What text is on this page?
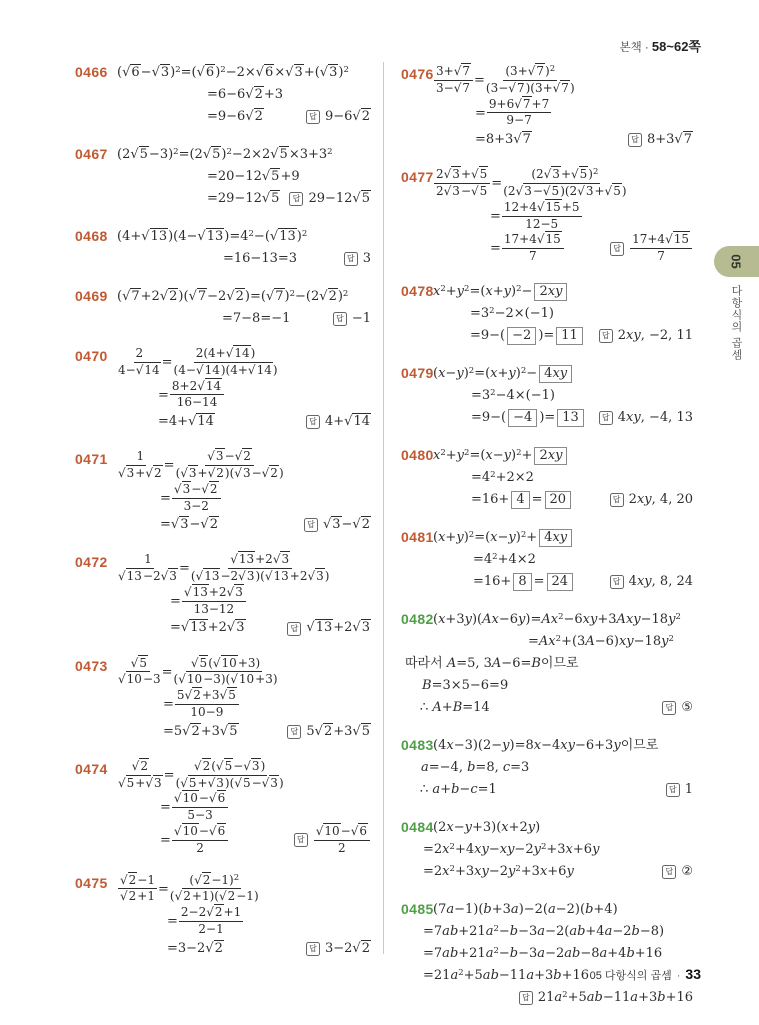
본책 · 58~62쪽
0466 $(√6-√3)^2=(√6)^2-2\times√6\times√3+(√3)^2$
=6−6√2+3
=9−6√2	답 9−6√2
0467 $(2√5-3)^2=(2√5)^2-2\times 2√5\times 3+3^2$
=20−12√5+9
=29−12√5	답 29−12√5
0468 $(4+√13)(4-√13)=4^2-(√13)^2$
=16−13=3	답 3
0469 $(√7+2√2)(√7-2√2)=(√7)^2-(2√2)^2$
=7−8=−1	답 −1
$0470 \frac{2}{4-√14} = \frac{2(4+√14)}{(4-√14)(4+√14)}$
= $\frac{8+2√14}{16-14}$
=4+√14	답 4+√14
$0471 \frac{1}{√3+√2} = \frac{√3-√2}{(√3+√2)(√3-√2)}$
= $\frac{√3-√2}{3-2}$
=√3−√2	답 √3−√2
$0472 \frac{1}{√13-2√3} = \frac{√13+2√3}{(√13-2√3)(√13+2√3)}$
= $\frac{√13+2√3}{13-12}$
=√13+2√3	답 √13+2√3
$0473 \frac{√5}{√10-3} = \frac{√5(√10+3)}{(√10-3)(√10+3)}$
= $\frac{5√2+3√5}{10-9}$
=5√2+3√5	답 5√2+3√5
$0474 \frac{√2}{√5+√3} = \frac{√2(√5-√3)}{(√5+√3)(√5-√3)}$
= $\frac{√10-√6}{5-3}$
= $\frac{√10-√6}{2}$	답 $\frac{√10-√6}{2}$
$0475 \frac{√2-1}{√2+1} = \frac{(√2-1)^2}{(√2+1)(√2-1)}$
= $\frac{2-2√2+1}{2-1}$
=3−2√2	답 3−2√2
$0476 \frac{3+√7}{3-√7} = \frac{(3+√7)^2}{(3-√7)(3+√7)}$
= $\frac{9+6√7+7}{9-7}$
=8+3√7	답 8+3√7
$0477 \frac{2√3+√5}{2√3-√5} = \frac{(2√3+√5)^2}{(2√3-√5)(2√3+√5)}$
= $\frac{12+4√15+5}{12-5}$
= $\frac{17+4√15}{7}$	답 $\frac{17+4√15}{7}$
0478 $x^2+y^2=(x+y)^2- 2xy$
$=3^2-2\times(-1)$
=9−( −2 )= 11	답 2xy, −2, 11
0479 $(x-y)^2=(x+y)^2- 4xy$
$=3^2-4\times(-1)$
=9−( −4 )= 13	답 4xy, −4, 13
0480 $x^2+y^2=(x-y)^2+ 2xy$
$=4^2+2\times 2$
=16+ 4 = 20	답 2xy, 4, 20
0481 $(x+y)^2=(x-y)^2+ 4xy$
$=4^2+4\times 2$
=16+ 8 = 24	답 4xy, 8, 24
0482 $(x+3y)(Ax-6y)=Ax^2-6xy+3Axy-18y^2$
$=Ax^2+(3A-6)xy-18y^2$
따라서 A=5, 3A−6=B이므로
B=3×5−6=9
∴ A+B=14	답 ⑤
0483 (4x−3)(2−y)=8x−4xy−6+3y이므로
a=−4, b=8, c=3
∴ a+b−c=1	답 1
0484 (2x−y+3)(x+2y)
$=2x^2+4xy-xy-2y^2+3x+6y$
$=2x^2+3xy-2y^2+3x+6y$	답 ②
0485 (7a−1)(b+3a)−2(a−2)(b+4)
$=7ab+21a^2-b-3a-2(ab+4a-2b-8)$
$=7ab+21a^2-b-3a-2ab-8a+4b+16$
$=21a^2+5ab-11a+3b+16$
답 $21a^2+5ab-11a+3b+16$
05
다항식의 곱셈
05 다항식의 곱셈 · 33
